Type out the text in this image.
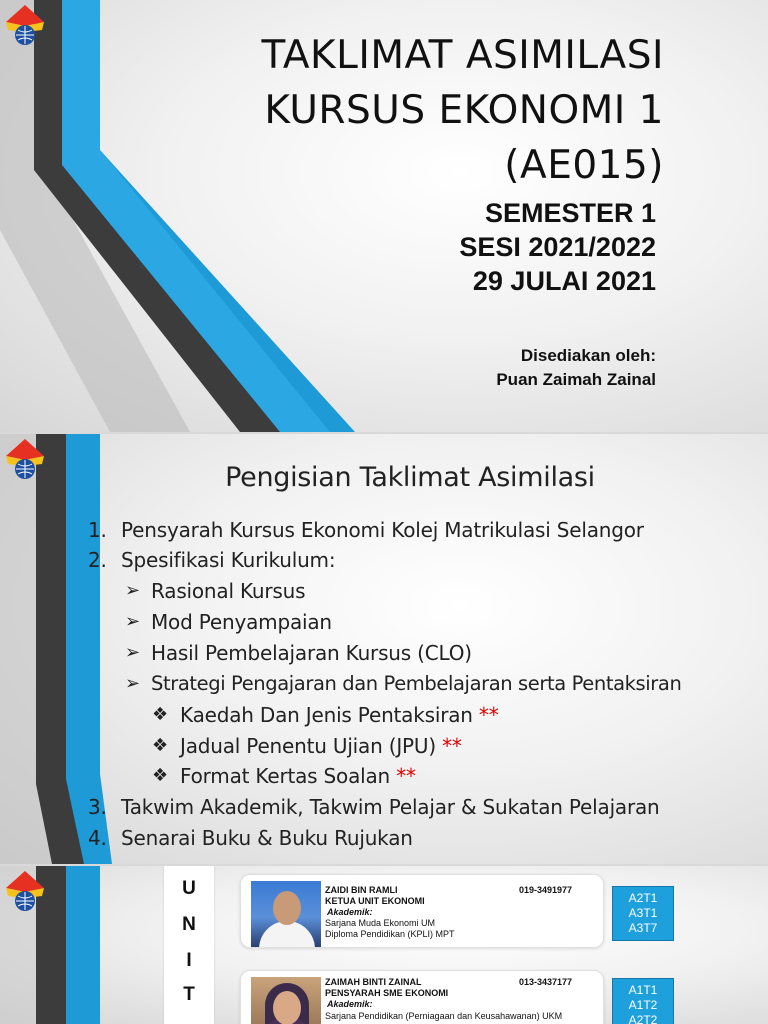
TAKLIMAT ASIMILASI
KURSUS EKONOMI 1
(AE015)
SEMESTER 1
SESI 2021/2022
29 JULAI 2021
Disediakan oleh:
Puan Zaimah Zainal
Pengisian Taklimat Asimilasi
1. Pensyarah Kursus Ekonomi Kolej Matrikulasi Selangor
2. Spesifikasi Kurikulum:
➢ Rasional Kursus
➢ Mod Penyampaian
➢ Hasil Pembelajaran Kursus (CLO)
➢ Strategi Pengajaran dan Pembelajaran serta Pentaksiran
❖ Kaedah Dan Jenis Pentaksiran **
❖ Jadual Penentu Ujian (JPU) **
❖ Format Kertas Soalan **
3. Takwim Akademik, Takwim Pelajar & Sukatan Pelajaran
4. Senarai Buku & Buku Rujukan
U
N
I
T
ZAIDI BIN RAMLI	019-3491977
KETUA UNIT EKONOMI
Akademik:
Sarjana Muda Ekonomi UM
Diploma Pendidikan (KPLI) MPT
A2T1
A3T1
A3T7
ZAIMAH BINTI ZAINAL	013-3437177
PENSYARAH SME EKONOMI
Akademik:
Sarjana Pendidikan (Perniagaan dan Keusahawanan) UKM
A1T1
A1T2
A2T2
